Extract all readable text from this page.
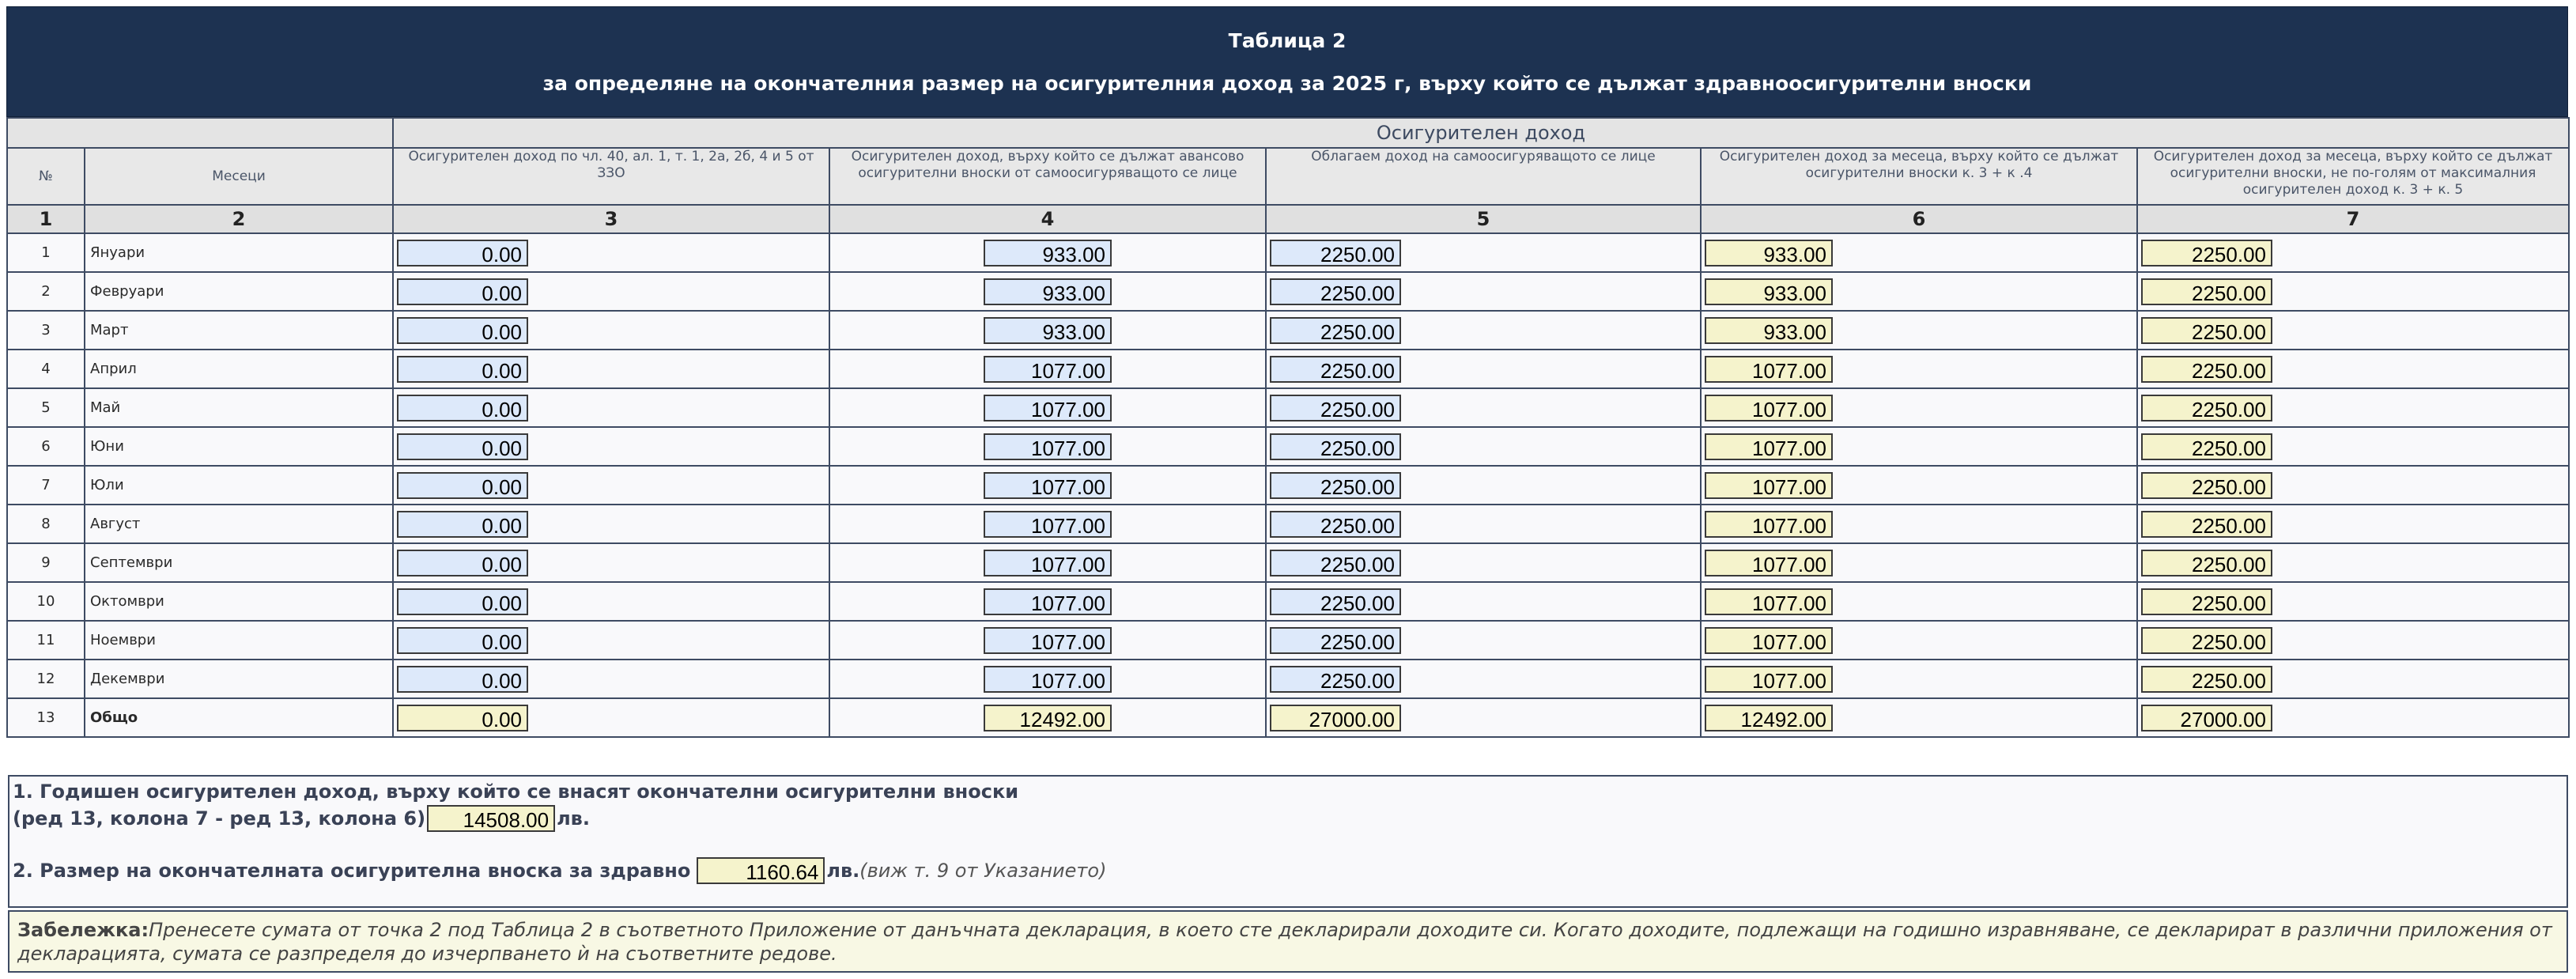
Таблица 2
за определяне на окончателния размер на осигурителния доход за 2025 г, върху който се дължат здравноосигурителни вноски
		Осигурителен доход				
№	Месеци	Осигурителен доход по чл. 40, ал. 1, т. 1, 2а, 2б, 4 и 5 от ЗЗО	Осигурителен доход, върху който се дължат авансово осигурителни вноски от самоосигуряващото се лице	Облагаем доход на самоосигуряващото се лице	Осигурителен доход за месеца, върху който се дължат осигурителни вноски к. 3 + к .4	Осигурителен доход за месеца, върху който се дължат осигурителни вноски, не по-голям от максималния осигурителен доход к. 3 + к. 5
1	2	3	4	5	6	7
1	Януари	0.00	933.00	2250.00	933.00	2250.00
2	Февруари	0.00	933.00	2250.00	933.00	2250.00
3	Март	0.00	933.00	2250.00	933.00	2250.00
4	Април	0.00	1077.00	2250.00	1077.00	2250.00
5	Май	0.00	1077.00	2250.00	1077.00	2250.00
6	Юни	0.00	1077.00	2250.00	1077.00	2250.00
7	Юли	0.00	1077.00	2250.00	1077.00	2250.00
8	Август	0.00	1077.00	2250.00	1077.00	2250.00
9	Септември	0.00	1077.00	2250.00	1077.00	2250.00
10	Октомври	0.00	1077.00	2250.00	1077.00	2250.00
11	Ноември	0.00	1077.00	2250.00	1077.00	2250.00
12	Декември	0.00	1077.00	2250.00	1077.00	2250.00
13	Общо	0.00	12492.00	27000.00	12492.00	27000.00
1. Годишен осигурителен доход, върху който се внасят окончателни осигурителни вноски
(ред 13, колона 7 - ред 13, колона 6)	14508.00 лв.
2. Размер на окончателната осигурителна вноска за здравно	1160.64 лв. (виж т. 9 от Указанието)
Забележка:Пренесете сумата от точка 2 под Таблица 2 в съответното Приложение от данъчната декларация, в което сте декларирали доходите си. Когато доходите, подлежащи на годишно изравняване, се декларират в различни приложения от декларацията, сумата се разпределя до изчерпването ѝ на съответните редове.
